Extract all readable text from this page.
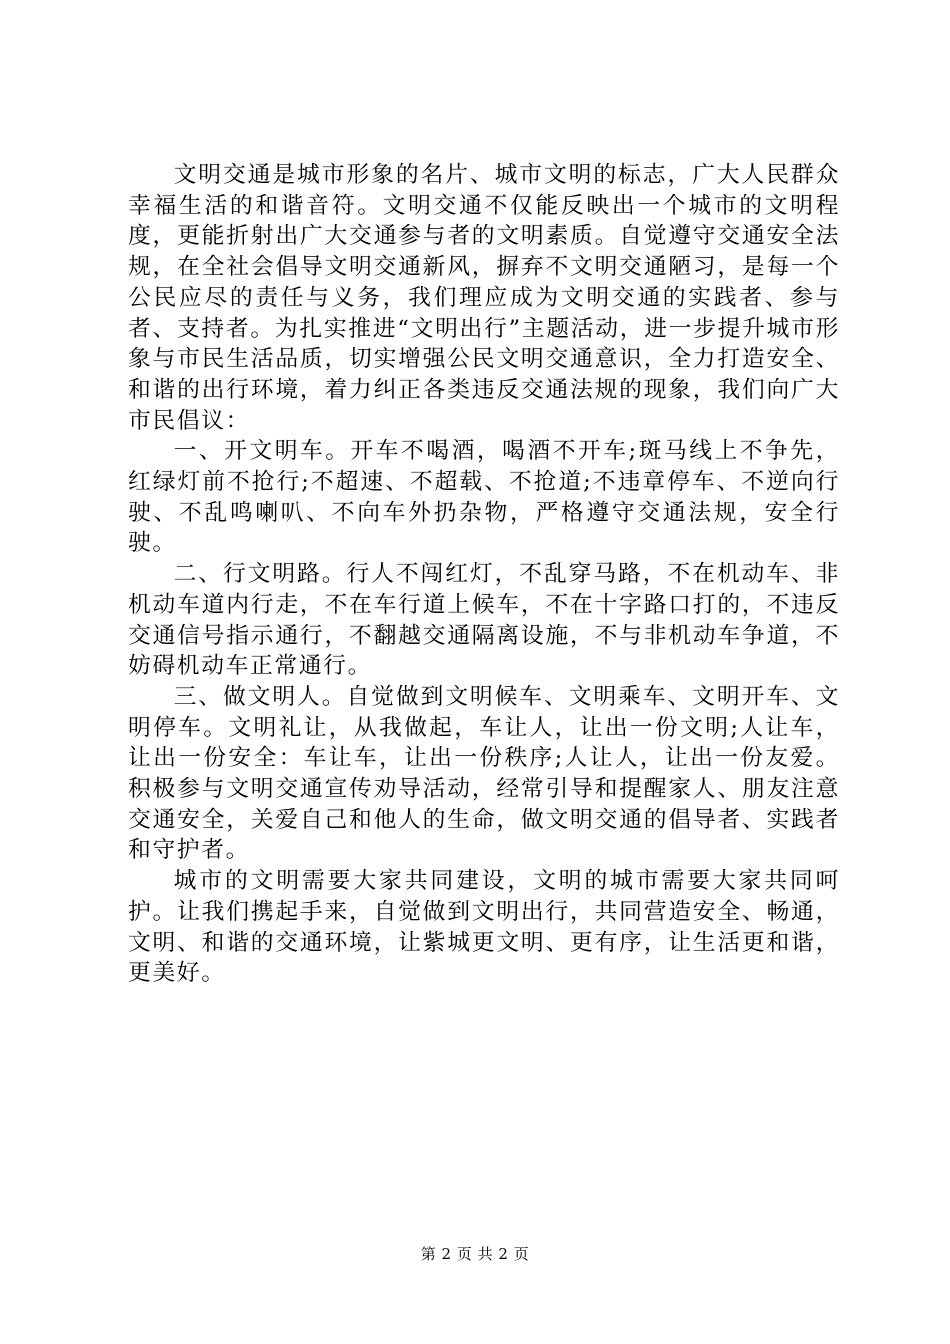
文明交通是城市形象的名片、城市文明的标志，广大人民群众幸福生活的和谐音符。文明交通不仅能反映出一个城市的文明程度，更能折射出广大交通参与者的文明素质。自觉遵守交通安全法规，在全社会倡导文明交通新风，摒弃不文明交通陋习，是每一个公民应尽的责任与义务，我们理应成为文明交通的实践者、参与者、支持者。为扎实推进“文明出行”主题活动，进一步提升城市形象与市民生活品质，切实增强公民文明交通意识，全力打造安全、和谐的出行环境，着力纠正各类违反交通法规的现象，我们向广大市民倡议：

一、开文明车。开车不喝酒，喝酒不开车;斑马线上不争先，红绿灯前不抢行;不超速、不超载、不抢道;不违章停车、不逆向行驶、不乱鸣喇叭、不向车外扔杂物，严格遵守交通法规，安全行驶。

二、行文明路。行人不闯红灯，不乱穿马路，不在机动车、非机动车道内行走，不在车行道上候车，不在十字路口打的，不违反交通信号指示通行，不翻越交通隔离设施，不与非机动车争道，不妨碍机动车正常通行。

三、做文明人。自觉做到文明候车、文明乘车、文明开车、文明停车。文明礼让，从我做起，车让人，让出一份文明;人让车，让出一份安全：车让车，让出一份秩序;人让人，让出一份友爱。积极参与文明交通宣传劝导活动，经常引导和提醒家人、朋友注意交通安全，关爱自己和他人的生命，做文明交通的倡导者、实践者和守护者。

城市的文明需要大家共同建设，文明的城市需要大家共同呵护。让我们携起手来，自觉做到文明出行，共同营造安全、畅通，文明、和谐的交通环境，让紫城更文明、更有序，让生活更和谐，更美好。

第 2 页 共 2 页
